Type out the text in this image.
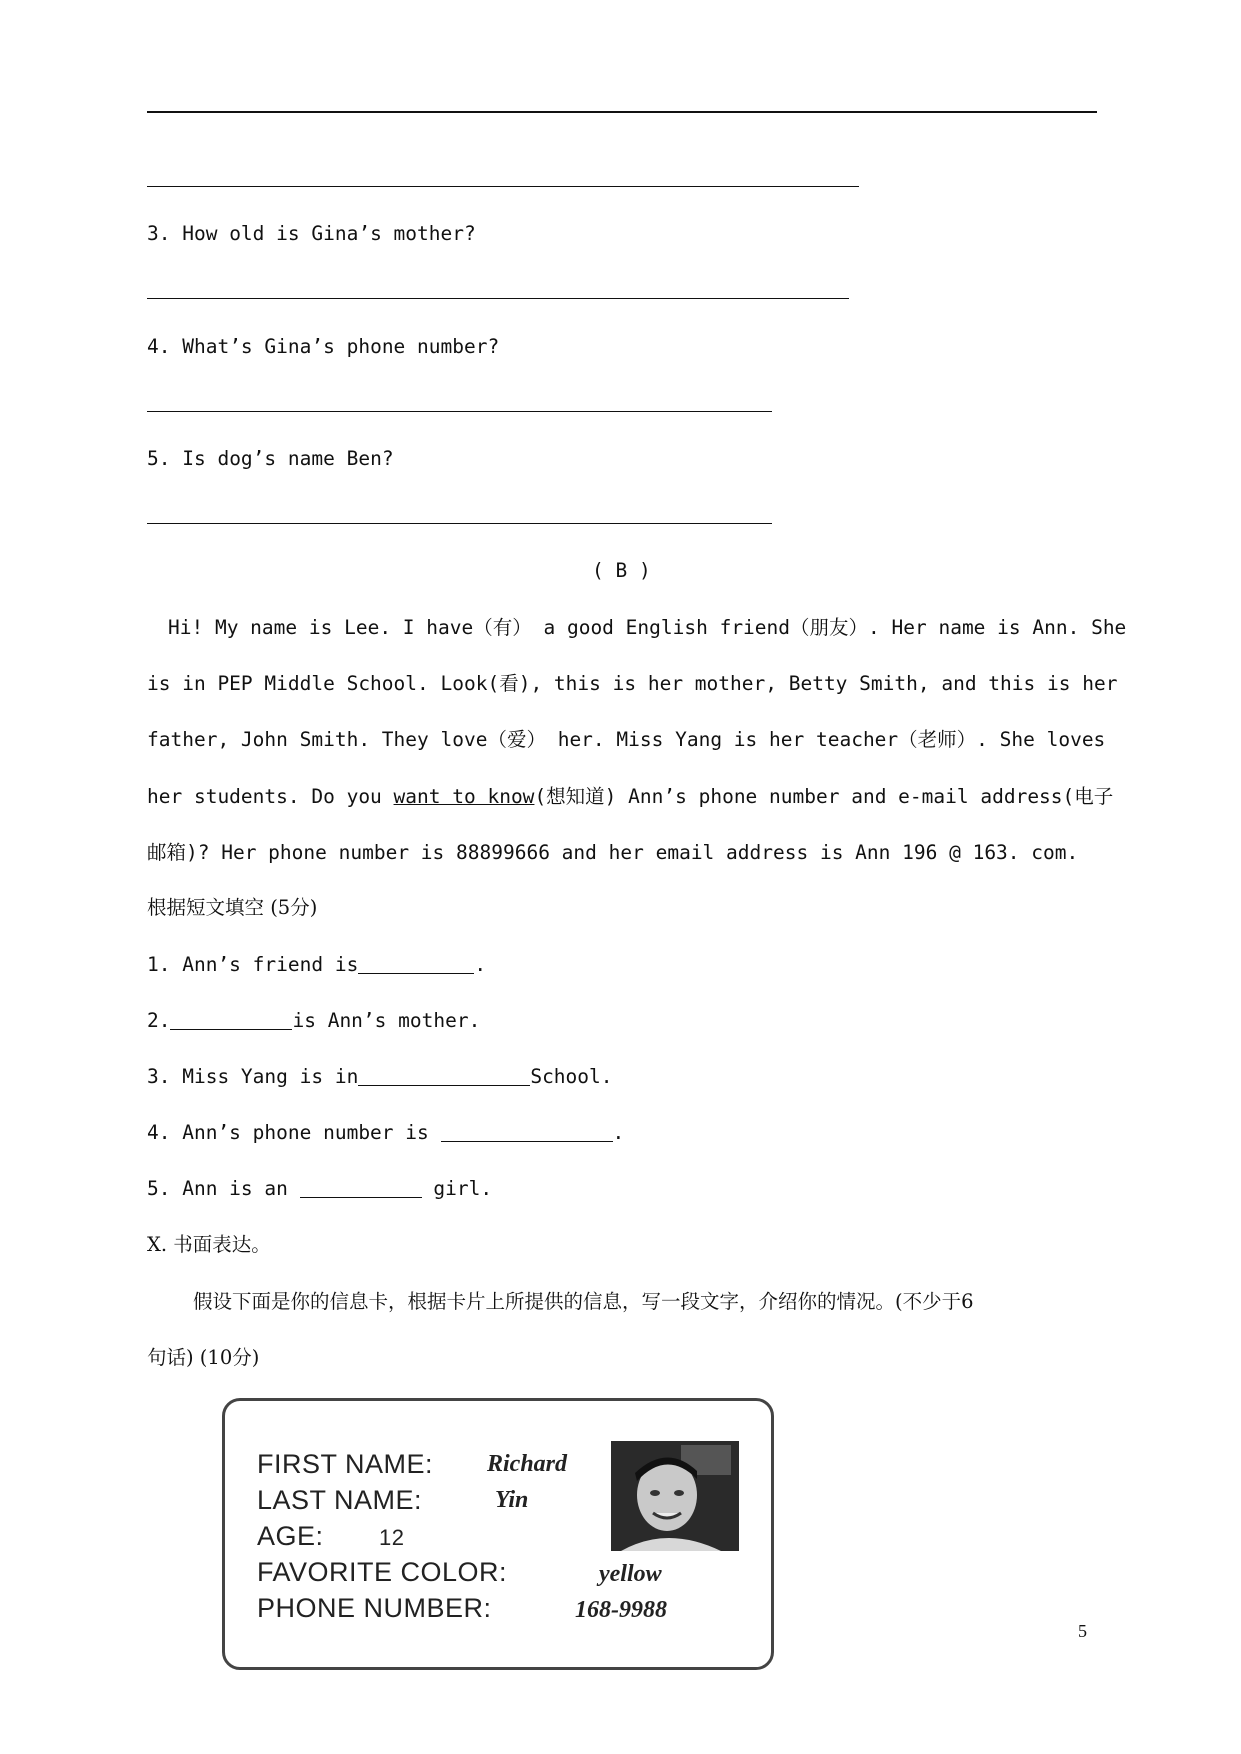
3. How old is Gina’s mother?
4. What’s Gina’s phone number?
5. Is dog’s name Ben?
( B )
Hi! My name is Lee. I have（有） a good English friend（朋友）. Her name is Ann. She
is in PEP Middle School. Look(看), this is her mother, Betty Smith, and this is her
father, John Smith. They love（爱） her. Miss Yang is her teacher（老师）. She loves
her students. Do you want to know(想知道) Ann’s phone number and e-mail address(电子
邮箱)? Her phone number is 88899666 and her email address is Ann 196 @ 163. com.
根据短文填空 (5分)
1. Ann’s friend is	.
2.	is Ann’s mother.
3. Miss Yang is in	School.
4. Ann’s phone number is	.
5. Ann is an	girl.
X. 书面表达。
假设下面是你的信息卡，根据卡片上所提供的信息，写一段文字，介绍你的情况。(不少于6
句话) (10分)
FIRST NAME: Richard
LAST NAME:	Yin
AGE:	12
FAVORITE COLOR:	yellow
PHONE NUMBER:	168-9988
5
